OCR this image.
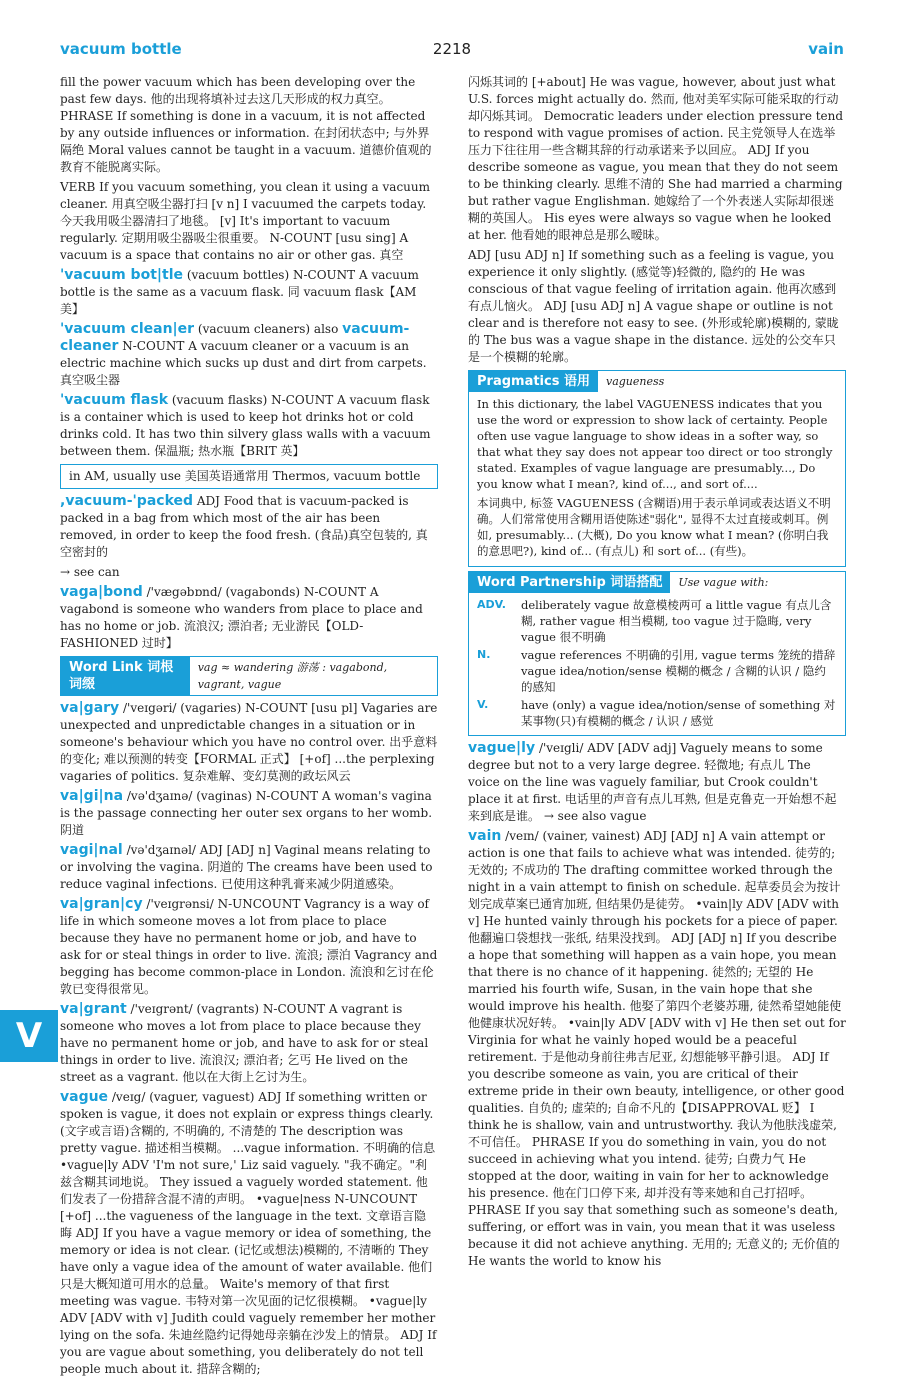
vacuum bottle	2218	vain
V

fill the power vacuum which has been developing over the past few days. 他的出现将填补过去这几天形成的权力真空。 PHRASE If something is done in a vacuum, it is not affected by any outside influences or information. 在封闭状态中; 与外界隔绝 Moral values cannot be taught in a vacuum. 道德价值观的教育不能脱离实际。

VERB If you vacuum something, you clean it using a vacuum cleaner. 用真空吸尘器打扫 [v n] I vacuumed the carpets today. 今天我用吸尘器清扫了地毯。 [v] It's important to vacuum regularly. 定期用吸尘器吸尘很重要。 N-COUNT [usu sing] A vacuum is a space that contains no air or other gas. 真空

'vacuum bot|tle (vacuum bottles) N-COUNT A vacuum bottle is the same as a vacuum flask. 同 vacuum flask【AM 美】

'vacuum clean|er (vacuum cleaners) also vacuum-cleaner N-COUNT A vacuum cleaner or a vacuum is an electric machine which sucks up dust and dirt from carpets. 真空吸尘器

'vacuum flask (vacuum flasks) N-COUNT A vacuum flask is a container which is used to keep hot drinks hot or cold drinks cold. It has two thin silvery glass walls with a vacuum between them. 保温瓶; 热水瓶【BRIT 英】

in AM, usually use 美国英语通常用 Thermos, vacuum bottle

,vacuum-'packed ADJ Food that is vacuum-packed is packed in a bag from which most of the air has been removed, in order to keep the food fresh. (食品)真空包装的, 真空密封的

→ see can

vaga|bond /'vægəbɒnd/ (vagabonds) N-COUNT A vagabond is someone who wanders from place to place and has no home or job. 流浪汉; 漂泊者; 无业游民【OLD-FASHIONED 过时】

Word Link 词根词缀
vag ≈ wandering 游荡 : vagabond, vagrant, vague

va|gary /'veɪgəri/ (vagaries) N-COUNT [usu pl] Vagaries are unexpected and unpredictable changes in a situation or in someone's behaviour which you have no control over. 出乎意料的变化; 难以预测的转变【FORMAL 正式】 [+of] ...the perplexing vagaries of politics. 复杂难解、变幻莫测的政坛风云

va|gi|na /və'dʒaɪnə/ (vaginas) N-COUNT A woman's vagina is the passage connecting her outer sex organs to her womb. 阴道

vagi|nal /və'dʒaɪnəl/ ADJ [ADJ n] Vaginal means relating to or involving the vagina. 阴道的 The creams have been used to reduce vaginal infections. 已使用这种乳膏来减少阴道感染。

va|gran|cy /'veɪgrənsi/ N-UNCOUNT Vagrancy is a way of life in which someone moves a lot from place to place because they have no permanent home or job, and have to ask for or steal things in order to live. 流浪; 漂泊 Vagrancy and begging has become common-place in London. 流浪和乞讨在伦敦已变得很常见。

va|grant /'veɪgrənt/ (vagrants) N-COUNT A vagrant is someone who moves a lot from place to place because they have no permanent home or job, and have to ask for or steal things in order to live. 流浪汉; 漂泊者; 乞丐 He lived on the street as a vagrant. 他以在大街上乞讨为生。

vague /veɪg/ (vaguer, vaguest) ADJ If something written or spoken is vague, it does not explain or express things clearly. (文字或言语)含糊的, 不明确的, 不清楚的 The description was pretty vague. 描述相当模糊。 ...vague information. 不明确的信息 •vague|ly ADV 'I'm not sure,' Liz said vaguely. "我不确定。"利兹含糊其词地说。 They issued a vaguely worded statement. 他们发表了一份措辞含混不清的声明。 •vague|ness N-UNCOUNT [+of] ...the vagueness of the language in the text. 文章语言隐晦 ADJ If you have a vague memory or idea of something, the memory or idea is not clear. (记忆或想法)模糊的, 不清晰的 They have only a vague idea of the amount of water available. 他们只是大概知道可用水的总量。 Waite's memory of that first meeting was vague. 韦特对第一次见面的记忆很模糊。 •vague|ly ADV [ADV with v] Judith could vaguely remember her mother lying on the sofa. 朱迪丝隐约记得她母亲躺在沙发上的情景。 ADJ If you are vague about something, you deliberately do not tell people much about it. 措辞含糊的;

闪烁其词的 [+about] He was vague, however, about just what U.S. forces might actually do. 然而, 他对美军实际可能采取的行动却闪烁其词。 Democratic leaders under election pressure tend to respond with vague promises of action. 民主党领导人在选举压力下往往用一些含糊其辞的行动承诺来予以回应。 ADJ If you describe someone as vague, you mean that they do not seem to be thinking clearly. 思维不清的 She had married a charming but rather vague Englishman. 她嫁给了一个外表迷人实际却很迷糊的英国人。 His eyes were always so vague when he looked at her. 他看她的眼神总是那么暧昧。

ADJ [usu ADJ n] If something such as a feeling is vague, you experience it only slightly. (感觉等)轻微的, 隐约的 He was conscious of that vague feeling of irritation again. 他再次感到有点儿恼火。 ADJ [usu ADJ n] A vague shape or outline is not clear and is therefore not easy to see. (外形或轮廓)模糊的, 蒙眬的 The bus was a vague shape in the distance. 远处的公交车只是一个模糊的轮廓。

Pragmatics 语用	vagueness

In this dictionary, the label VAGUENESS indicates that you use the word or expression to show lack of certainty. People often use vague language to show ideas in a softer way, so that what they say does not appear too direct or too strongly stated. Examples of vague language are presumably..., Do you know what I mean?, kind of..., and sort of....

本词典中, 标签 VAGUENESS (含糊语)用于表示单词或表达语义不明确。人们常常使用含糊用语使陈述"弱化", 显得不太过直接或刺耳。例如, presumably... (大概), Do you know what I mean? (你明白我的意思吧?), kind of... (有点儿) 和 sort of... (有些)。

Word Partnership 词语搭配	Use vague with:
ADV.	deliberately vague 故意模棱两可 a little vague 有点儿含糊, rather vague 相当模糊, too vague 过于隐晦, very vague 很不明确
N.	vague references 不明确的引用, vague terms 笼统的措辞 vague idea/notion/sense 模糊的概念 / 含糊的认识 / 隐约的感知
V.	have (only) a vague idea/notion/sense of something 对某事物(只)有模糊的概念 / 认识 / 感觉

vague|ly /'veɪgli/ ADV [ADV adj] Vaguely means to some degree but not to a very large degree. 轻微地; 有点儿 The voice on the line was vaguely familiar, but Crook couldn't place it at first. 电话里的声音有点儿耳熟, 但是克鲁克一开始想不起来到底是谁。 → see also vague

vain /veɪn/ (vainer, vainest) ADJ [ADJ n] A vain attempt or action is one that fails to achieve what was intended. 徒劳的; 无效的; 不成功的 The drafting committee worked through the night in a vain attempt to finish on schedule. 起草委员会为按计划完成草案已通宵加班, 但结果仍是徒劳。 •vain|ly ADV [ADV with v] He hunted vainly through his pockets for a piece of paper. 他翻遍口袋想找一张纸, 结果没找到。 ADJ [ADJ n] If you describe a hope that something will happen as a vain hope, you mean that there is no chance of it happening. 徒然的; 无望的 He married his fourth wife, Susan, in the vain hope that she would improve his health. 他娶了第四个老婆苏珊, 徒然希望她能使他健康状况好转。 •vain|ly ADV [ADV with v] He then set out for Virginia for what he vainly hoped would be a peaceful retirement. 于是他动身前往弗吉尼亚, 幻想能够平静引退。 ADJ If you describe someone as vain, you are critical of their extreme pride in their own beauty, intelligence, or other good qualities. 自负的; 虚荣的; 自命不凡的【DISAPPROVAL 贬】 I think he is shallow, vain and untrustworthy. 我认为他肤浅虚荣, 不可信任。 PHRASE If you do something in vain, you do not succeed in achieving what you intend. 徒劳; 白费力气 He stopped at the door, waiting in vain for her to acknowledge his presence. 他在门口停下来, 却并没有等来她和自己打招呼。 PHRASE If you say that something such as someone's death, suffering, or effort was in vain, you mean that it was useless because it did not achieve anything. 无用的; 无意义的; 无价值的 He wants the world to know his
